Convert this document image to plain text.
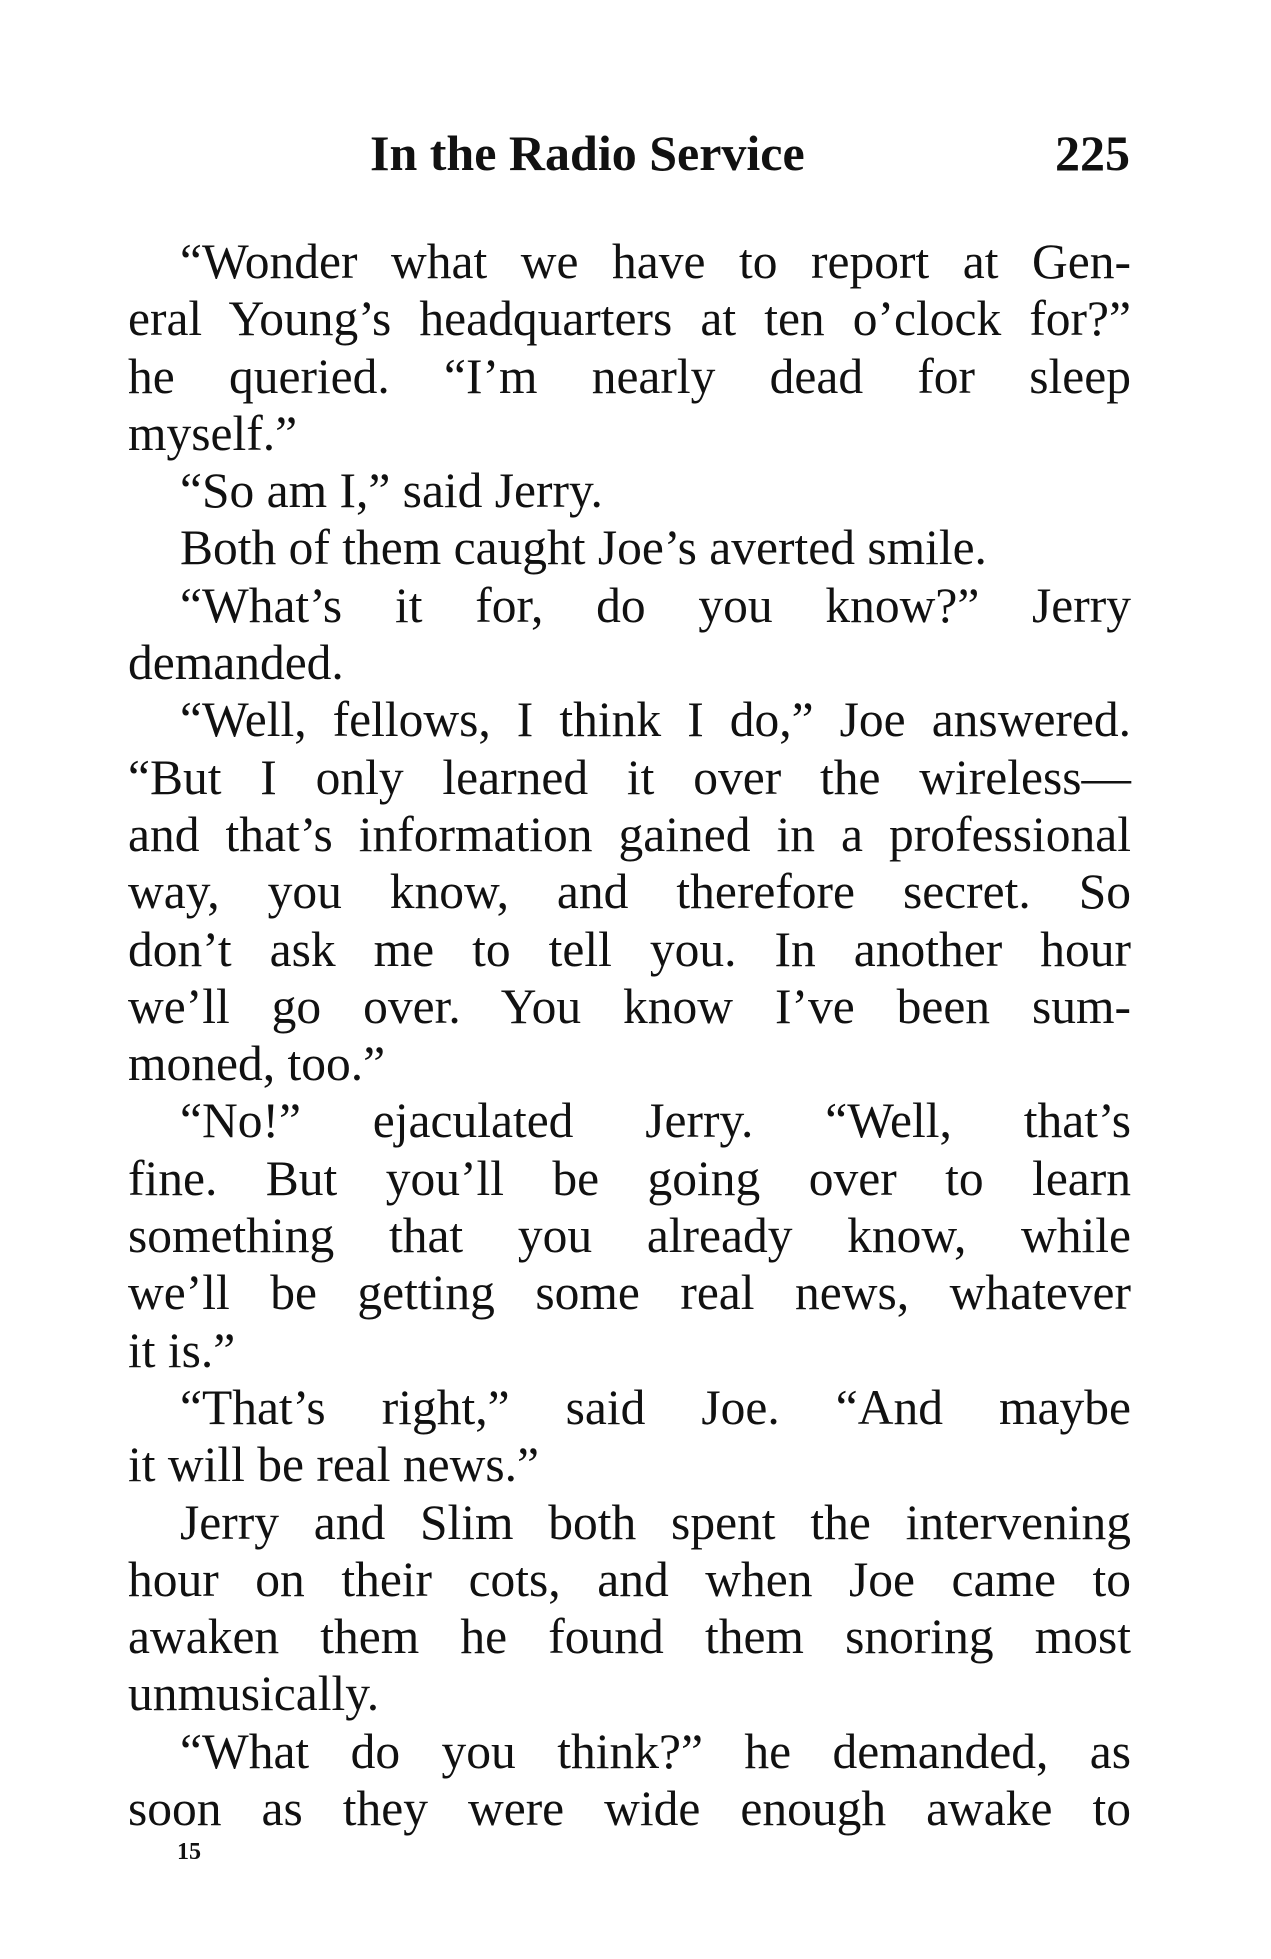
In the Radio Service	225
“Wonder what we have to report at Gen-
eral Young’s headquarters at ten o’clock for?”
he queried. “I’m nearly dead for sleep
myself.”
“So am I,” said Jerry.
Both of them caught Joe’s averted smile.
“What’s it for, do you know?” Jerry
demanded.
“Well, fellows, I think I do,” Joe answered.
“But I only learned it over the wireless—
and that’s information gained in a professional
way, you know, and therefore secret. So
don’t ask me to tell you. In another hour
we’ll go over. You know I’ve been sum-
moned, too.”
“No!” ejaculated Jerry. “Well, that’s
fine. But you’ll be going over to learn
something that you already know, while
we’ll be getting some real news, whatever
it is.”
“That’s right,” said Joe. “And maybe
it will be real news.”
Jerry and Slim both spent the intervening
hour on their cots, and when Joe came to
awaken them he found them snoring most
unmusically.
“What do you think?” he demanded, as
soon as they were wide enough awake to
15
